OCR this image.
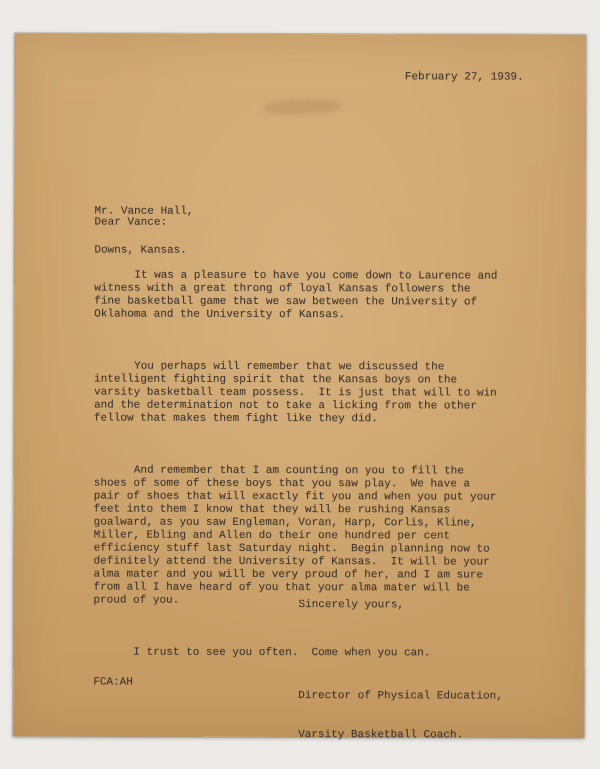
February 27, 1939.

Mr. Vance Hall,

Downs, Kansas.

Dear Vance:

It was a pleasure to have you come down to Laurence and witness with a great throng of loyal Kansas followers the fine basketball game that we saw between the University of Oklahoma and the University of Kansas.

You perhaps will remember that we discussed the intelligent fighting spirit that the Kansas boys on the varsity basketball team possess.  It is just that will to win and the determination not to take a licking from the other fellow that makes them fight like they did.

And remember that I am counting on you to fill the shoes of some of these boys that you saw play.  We have a pair of shoes that will exactly fit you and when you put your feet into them I know that they will be rushing Kansas goalward, as you saw Engleman, Voran, Harp, Corlis, Kline, Miller, Ebling and Allen do their one hundred per cent efficiency stuff last Saturday night.  Begin planning now to definitely attend the University of Kansas.  It will be your alma mater and you will be very proud of her, and I am sure from all I have heard of you that your alma mater will be proud of you.

I trust to see you often.  Come when you can.

Sincerely yours,

Director of Physical Education,

Varsity Basketball Coach.

FCA:AH
